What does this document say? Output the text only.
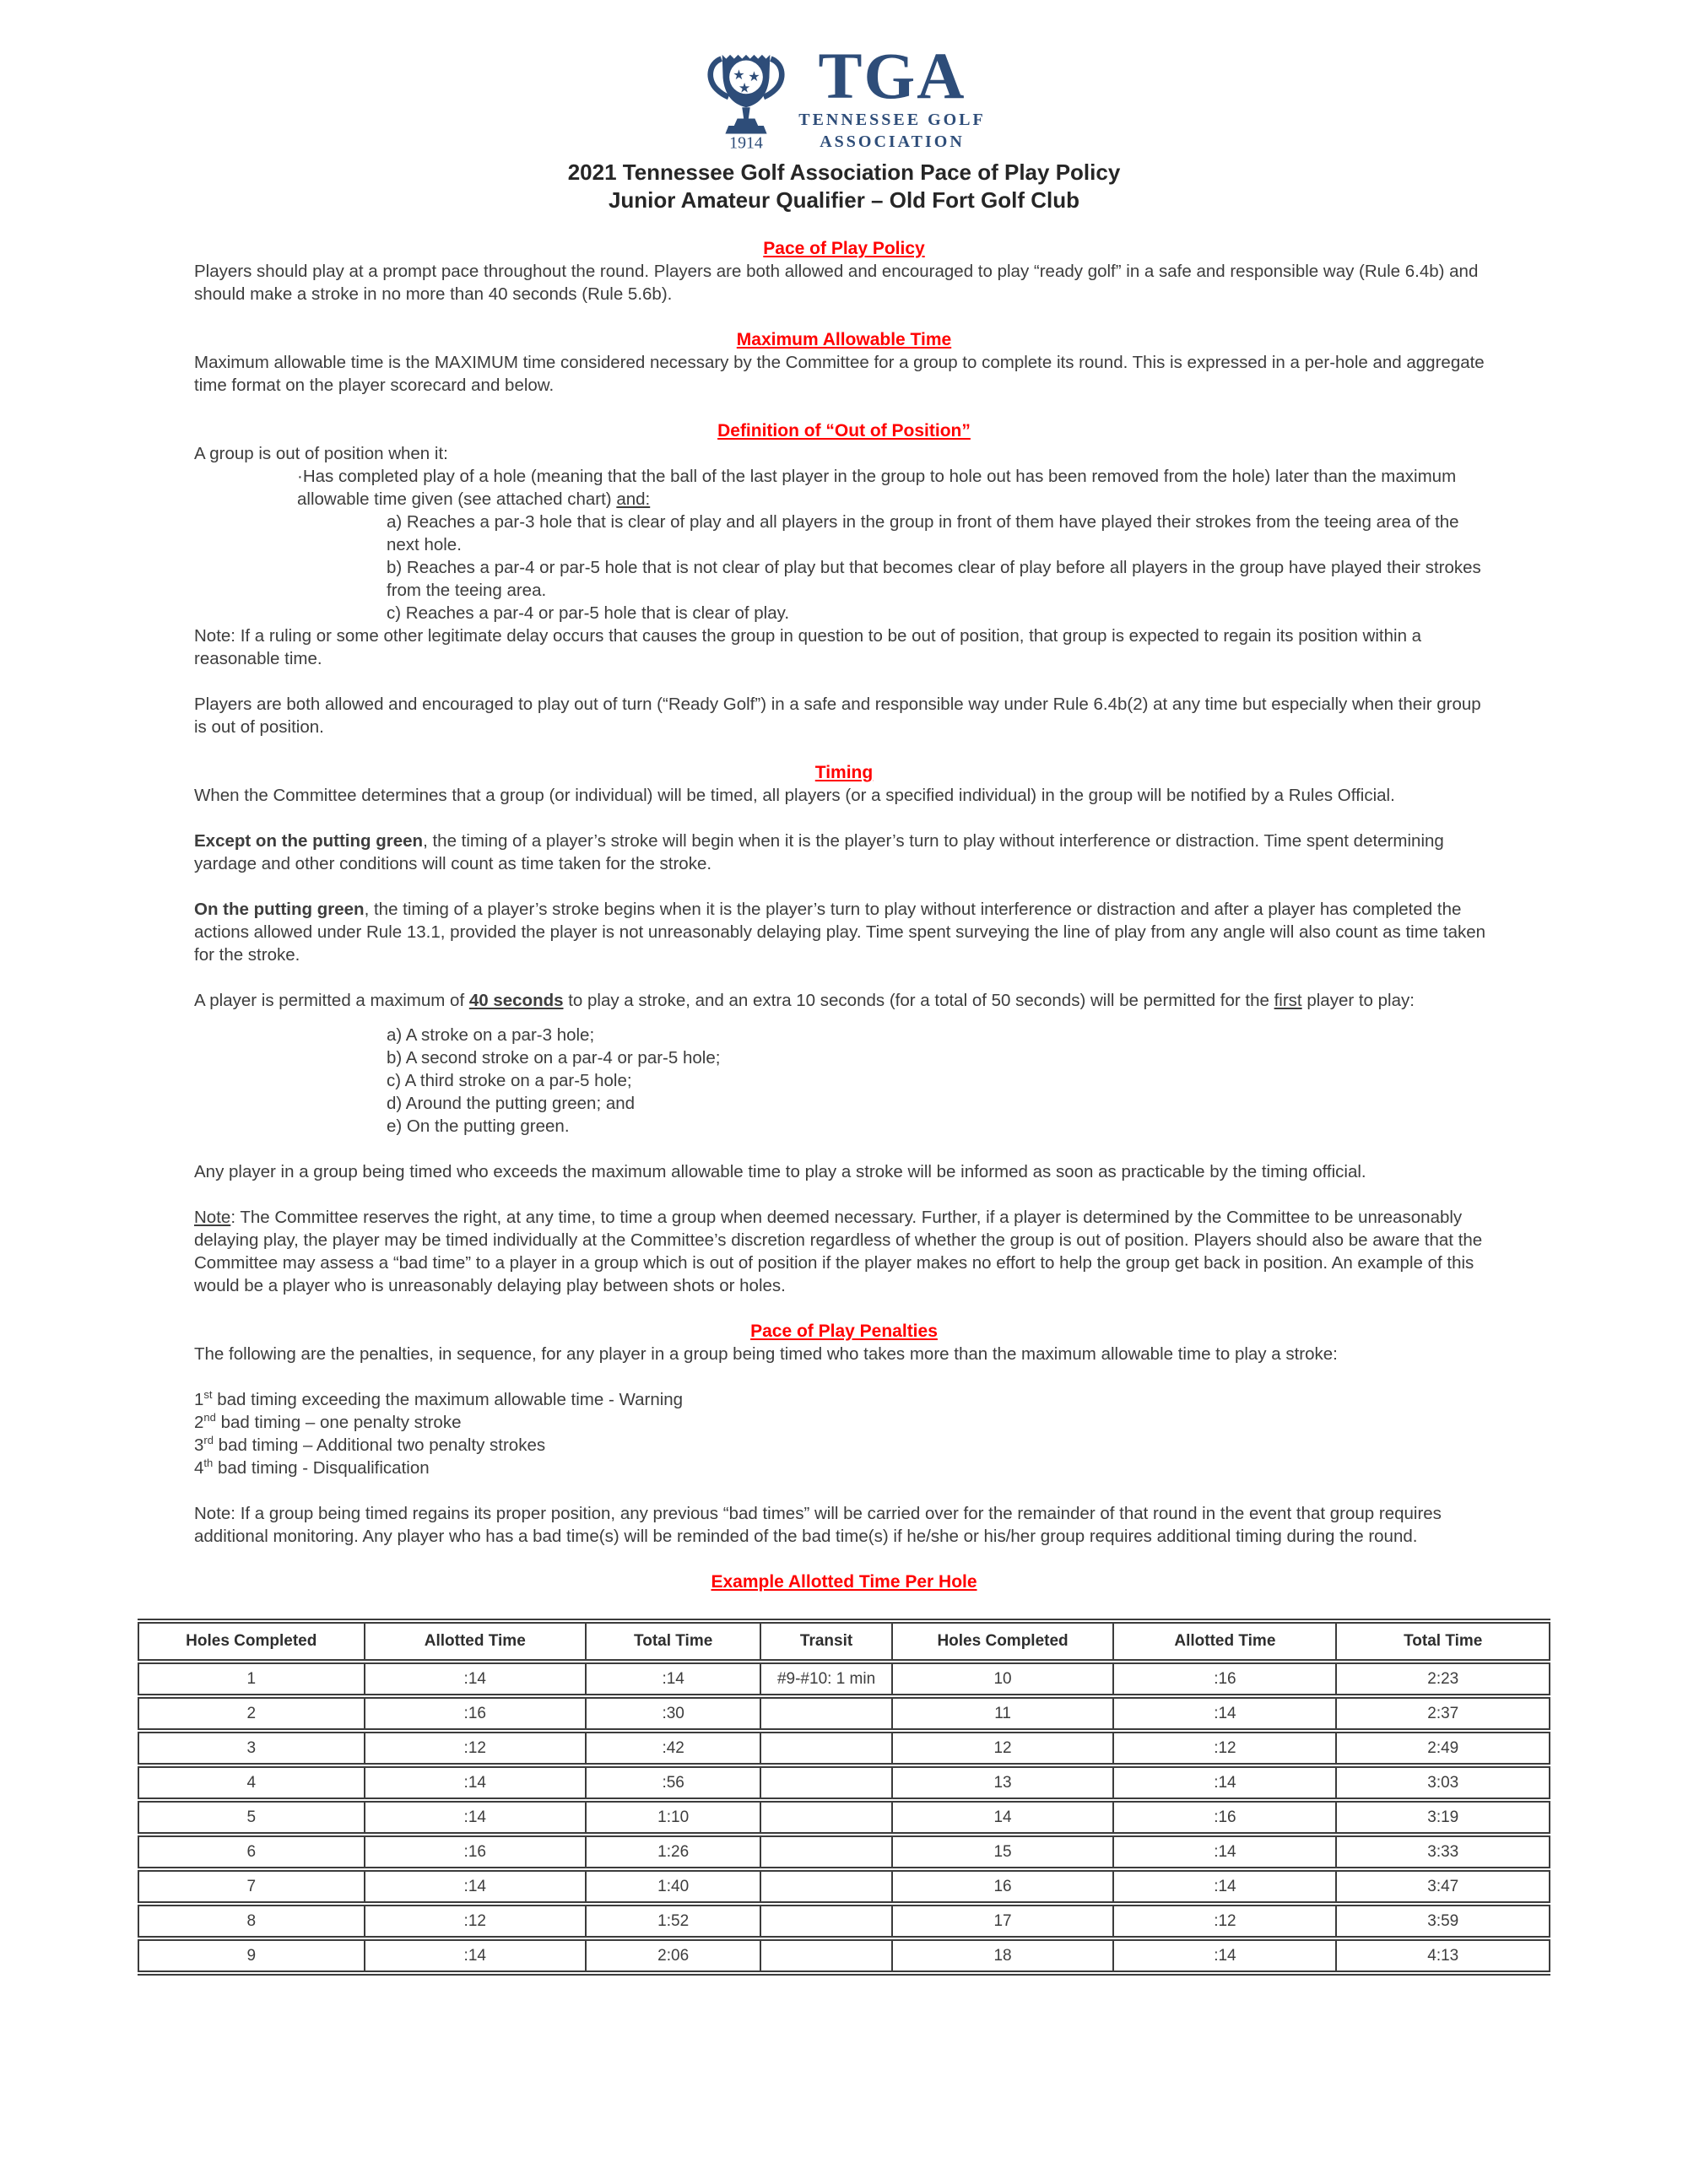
★ ★
★
1914
TGA
TENNESSEE GOLF
ASSOCIATION
2021 Tennessee Golf Association Pace of Play Policy
Junior Amateur Qualifier – Old Fort Golf Club
Pace of Play Policy
Players should play at a prompt pace throughout the round. Players are both allowed and encouraged to play “ready golf” in a safe and responsible way (Rule 6.4b) and should make a stroke in no more than 40 seconds (Rule 5.6b).
Maximum Allowable Time
Maximum allowable time is the MAXIMUM time considered necessary by the Committee for a group to complete its round. This is expressed in a per-hole and aggregate time format on the player scorecard and below.
Definition of “Out of Position”
A group is out of position when it:
·Has completed play of a hole (meaning that the ball of the last player in the group to hole out has been removed from the hole) later than the maximum allowable time given (see attached chart) and:
a) Reaches a par-3 hole that is clear of play and all players in the group in front of them have played their strokes from the teeing area of the next hole.
b) Reaches a par-4 or par-5 hole that is not clear of play but that becomes clear of play before all players in the group have played their strokes from the teeing area.
c) Reaches a par-4 or par-5 hole that is clear of play.
Note: If a ruling or some other legitimate delay occurs that causes the group in question to be out of position, that group is expected to regain its position within a reasonable time.
Players are both allowed and encouraged to play out of turn (“Ready Golf”) in a safe and responsible way under Rule 6.4b(2) at any time but especially when their group is out of position.
Timing
When the Committee determines that a group (or individual) will be timed, all players (or a specified individual) in the group will be notified by a Rules Official.
Except on the putting green, the timing of a player’s stroke will begin when it is the player’s turn to play without interference or distraction. Time spent determining yardage and other conditions will count as time taken for the stroke.
On the putting green, the timing of a player’s stroke begins when it is the player’s turn to play without interference or distraction and after a player has completed the actions allowed under Rule 13.1, provided the player is not unreasonably delaying play. Time spent surveying the line of play from any angle will also count as time taken for the stroke.
A player is permitted a maximum of 40 seconds to play a stroke, and an extra 10 seconds (for a total of 50 seconds) will be permitted for the first player to play:
a) A stroke on a par-3 hole;
b) A second stroke on a par-4 or par-5 hole;
c) A third stroke on a par-5 hole;
d) Around the putting green; and
e) On the putting green.
Any player in a group being timed who exceeds the maximum allowable time to play a stroke will be informed as soon as practicable by the timing official.
Note: The Committee reserves the right, at any time, to time a group when deemed necessary. Further, if a player is determined by the Committee to be unreasonably delaying play, the player may be timed individually at the Committee’s discretion regardless of whether the group is out of position. Players should also be aware that the Committee may assess a “bad time” to a player in a group which is out of position if the player makes no effort to help the group get back in position. An example of this would be a player who is unreasonably delaying play between shots or holes.
Pace of Play Penalties
The following are the penalties, in sequence, for any player in a group being timed who takes more than the maximum allowable time to play a stroke:
1st bad timing exceeding the maximum allowable time - Warning
2nd bad timing – one penalty stroke
3rd bad timing – Additional two penalty strokes
4th bad timing - Disqualification
Note: If a group being timed regains its proper position, any previous “bad times” will be carried over for the remainder of that round in the event that group requires additional monitoring. Any player who has a bad time(s) will be reminded of the bad time(s) if he/she or his/her group requires additional timing during the round.
Example Allotted Time Per Hole
Holes Completed	Allotted Time	Total Time	Transit	Holes Completed	Allotted Time	Total Time
1	:14	:14	#9-#10: 1 min	10	:16	2:23
2	:16	:30		11	:14	2:37
3	:12	:42		12	:12	2:49
4	:14	:56		13	:14	3:03
5	:14	1:10		14	:16	3:19
6	:16	1:26		15	:14	3:33
7	:14	1:40		16	:14	3:47
8	:12	1:52		17	:12	3:59
9	:14	2:06		18	:14	4:13
